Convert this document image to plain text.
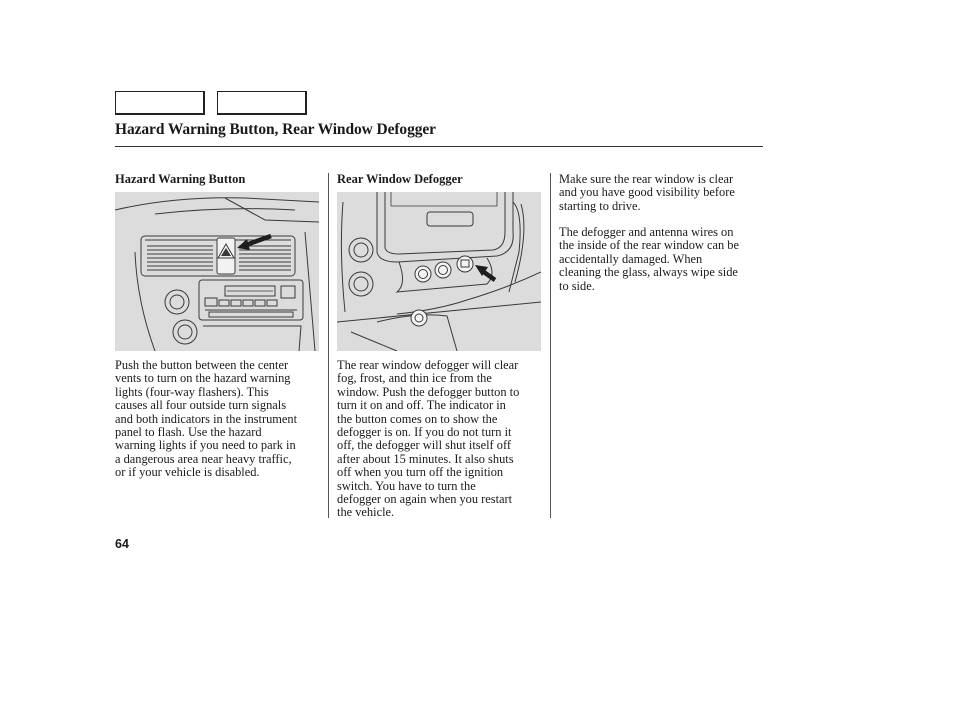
Hazard Warning Button, Rear Window Defogger
Hazard Warning Button

Push the button between the center
vents to turn on the hazard warning
lights (four-way flashers). This
causes all four outside turn signals
and both indicators in the instrument
panel to flash. Use the hazard
warning lights if you need to park in
a dangerous area near heavy traffic,
or if your vehicle is disabled.

Rear Window Defogger

The rear window defogger will clear
fog, frost, and thin ice from the
window. Push the defogger button to
turn it on and off. The indicator in
the button comes on to show the
defogger is on. If you do not turn it
off, the defogger will shut itself off
after about 15 minutes. It also shuts
off when you turn off the ignition
switch. You have to turn the
defogger on again when you restart
the vehicle.

Make sure the rear window is clear
and you have good visibility before
starting to drive.

The defogger and antenna wires on
the inside of the rear window can be
accidentally damaged. When
cleaning the glass, always wipe side
to side.

64
